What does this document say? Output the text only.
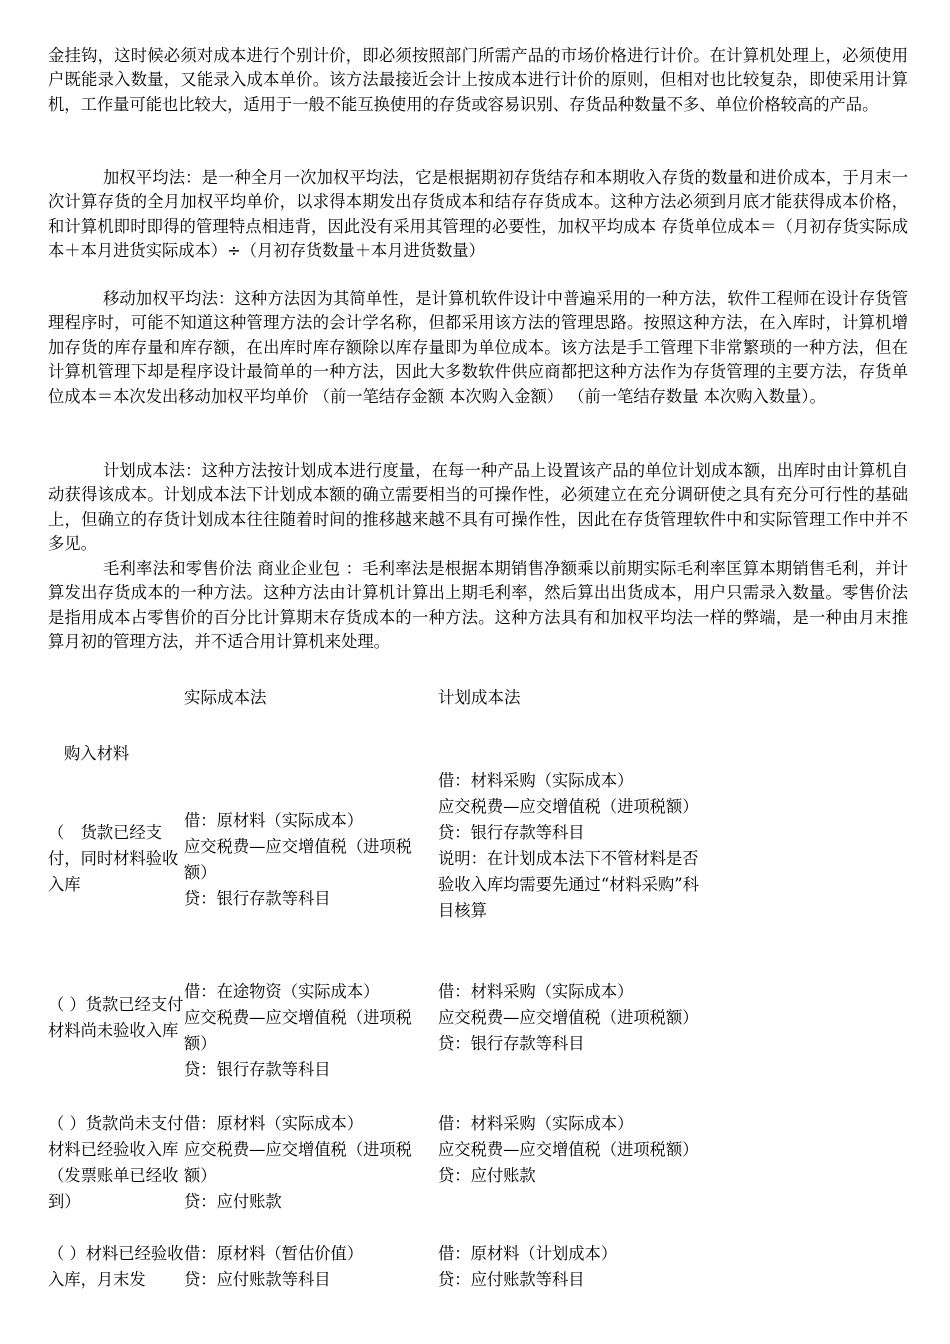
金挂钩，这时候必须对成本进行个别计价，即必须按照部门所需产品的市场价格进行计价。在计算机处理上，必须使用户既能录入数量，又能录入成本单价。该方法最接近会计上按成本进行计价的原则，但相对也比较复杂，即使采用计算机，工作量可能也比较大，适用于一般不能互换使用的存货或容易识别、存货品种数量不多、单位价格较高的产品。

加权平均法：是一种全月一次加权平均法，它是根据期初存货结存和本期收入存货的数量和进价成本，于月末一次计算存货的全月加权平均单价，以求得本期发出存货成本和结存存货成本。这种方法必须到月底才能获得成本价格，和计算机即时即得的管理特点相违背，因此没有采用其管理的必要性，加权平均成本 存货单位成本＝（月初存货实际成本＋本月进货实际成本）÷（月初存货数量＋本月进货数量）

移动加权平均法：这种方法因为其简单性，是计算机软件设计中普遍采用的一种方法，软件工程师在设计存货管理程序时，可能不知道这种管理方法的会计学名称，但都采用该方法的管理思路。按照这种方法，在入库时，计算机增加存货的库存量和库存额，在出库时库存额除以库存量即为单位成本。该方法是手工管理下非常繁琐的一种方法，但在计算机管理下却是程序设计最简单的一种方法，因此大多数软件供应商都把这种方法作为存货管理的主要方法，存货单位成本＝本次发出移动加权平均单价 （前一笔结存金额 本次购入金额） （前一笔结存数量 本次购入数量）。

计划成本法：这种方法按计划成本进行度量，在每一种产品上设置该产品的单位计划成本额，出库时由计算机自动获得该成本。计划成本法下计划成本额的确立需要相当的可操作性，必须建立在充分调研使之具有充分可行性的基础上，但确立的存货计划成本往往随着时间的推移越来越不具有可操作性，因此在存货管理软件中和实际管理工作中并不多见。

毛利率法和零售价法 商业企业包 ：毛利率法是根据本期销售净额乘以前期实际毛利率匡算本期销售毛利，并计算发出存货成本的一种方法。这种方法由计算机计算出上期毛利率，然后算出出货成本，用户只需录入数量。零售价法是指用成本占零售价的百分比计算期末存货成本的一种方法。这种方法具有和加权平均法一样的弊端，是一种由月末推算月初的管理方法，并不适合用计算机来处理。

实际成本法	计划成本法
购入材料
（　货款已经支付，同时材料验收入库
借：原材料（实际成本）
应交税费—应交增值税（进项税额）
贷：银行存款等科目
借：材料采购（实际成本）
应交税费—应交增值税（进项税额）
贷：银行存款等科目
说明：在计划成本法下不管材料是否验收入库均需要先通过“材料采购”科目核算
（ ）货款已经支付材料尚未验收入库
借：在途物资（实际成本）
应交税费—应交增值税（进项税额）
贷：银行存款等科目
借：材料采购（实际成本）
应交税费—应交增值税（进项税额）
贷：银行存款等科目
（ ）货款尚未支付材料已经验收入库（发票账单已经收到）
借：原材料（实际成本）
应交税费—应交增值税（进项税额）
贷：应付账款
借：材料采购（实际成本）
应交税费—应交增值税（进项税额）
贷：应付账款
（ ）材料已经验收入库，月末发
借：原材料（暂估价值）
贷：应付账款等科目
借：原材料（计划成本）
贷：应付账款等科目
